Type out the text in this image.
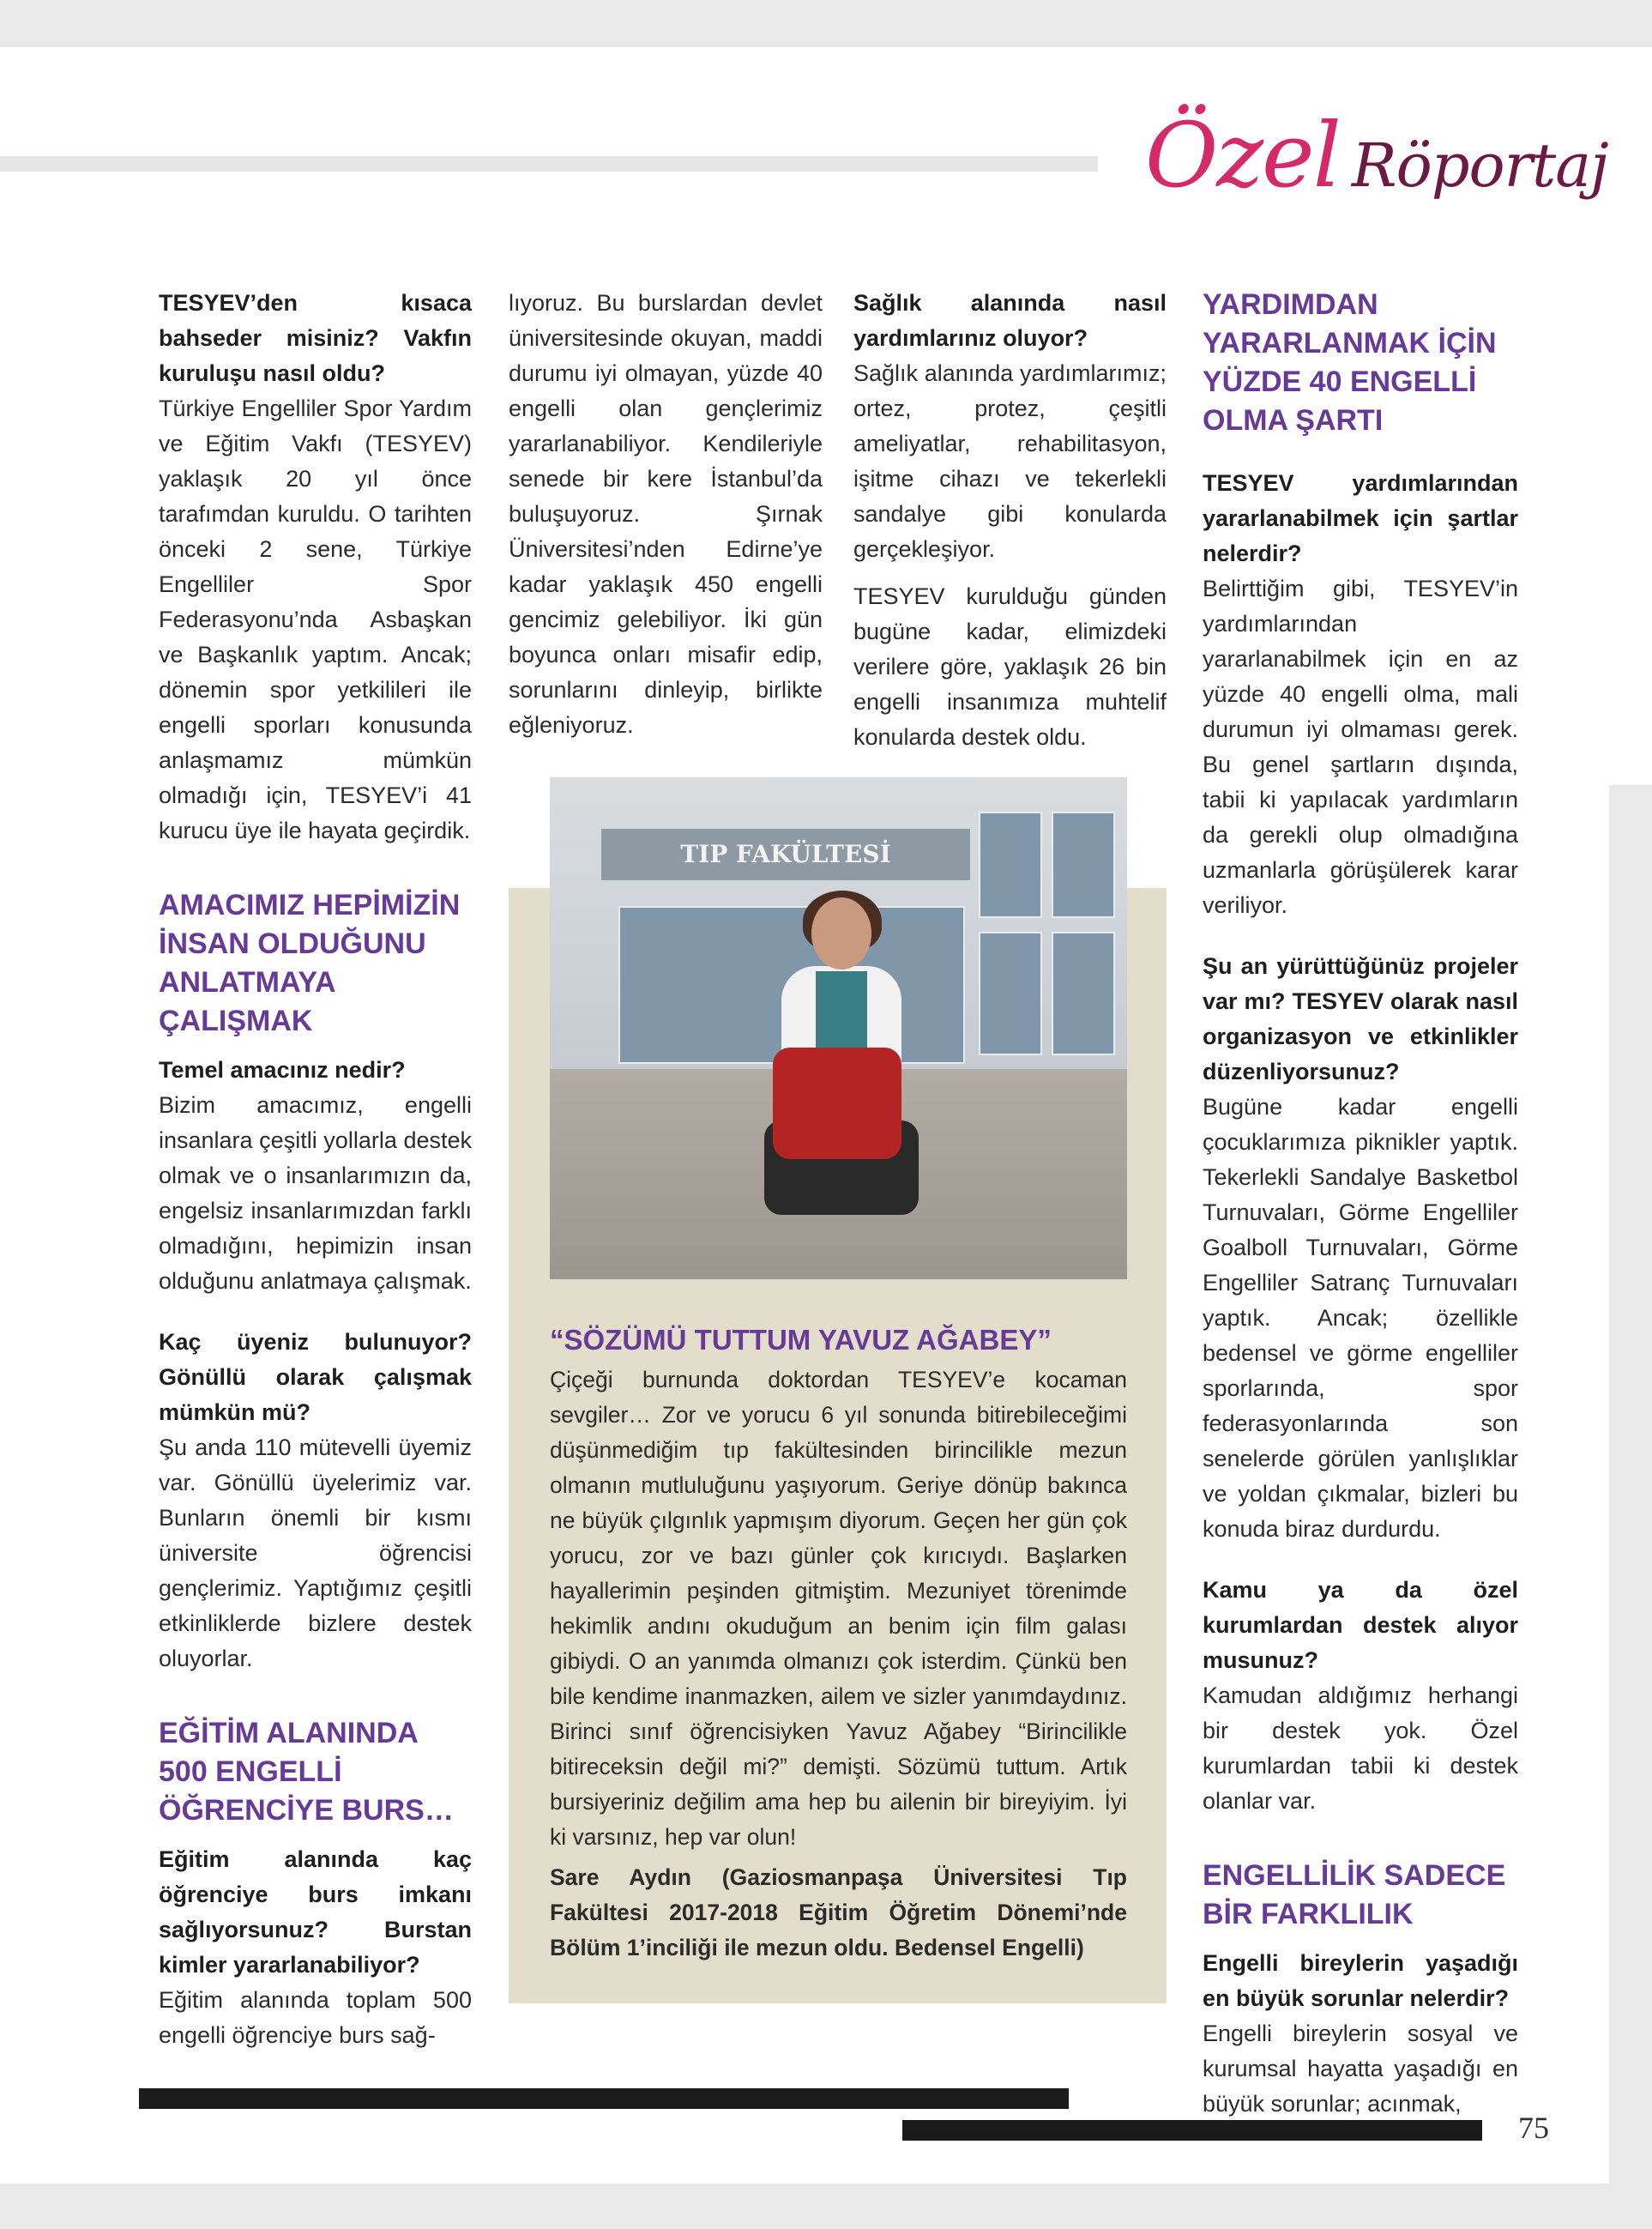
Özel Röportaj

TESYEV’den kısaca bahseder misiniz? Vakfın kuruluşu nasıl oldu?

Türkiye Engelliler Spor Yardım ve Eğitim Vakfı (TESYEV) yaklaşık 20 yıl önce tarafımdan kuruldu. O tarihten önceki 2 sene, Türkiye Engelliler Spor Federasyonu’nda Asbaşkan ve Başkanlık yaptım. Ancak; dönemin spor yetkilileri ile engelli sporları konusunda anlaşmamız mümkün olmadığı için, TESYEV’i 41 kurucu üye ile hayata geçirdik.

AMACIMIZ HEPİMİZİN İNSAN OLDUĞUNU ANLATMAYA ÇALIŞMAK

Temel amacınız nedir?

Bizim amacımız, engelli insanlara çeşitli yollarla destek olmak ve o insanlarımızın da, engelsiz insanlarımızdan farklı olmadığını, hepimizin insan olduğunu anlatmaya çalışmak.

Kaç üyeniz bulunuyor? Gönüllü olarak çalışmak mümkün mü?

Şu anda 110 mütevelli üyemiz var. Gönüllü üyelerimiz var. Bunların önemli bir kısmı üniversite öğrencisi gençlerimiz. Yaptığımız çeşitli etkinliklerde bizlere destek oluyorlar.

EĞİTİM ALANINDA 500 ENGELLİ ÖĞRENCİYE BURS…

Eğitim alanında kaç öğrenciye burs imkanı sağlıyorsunuz? Burstan kimler yararlanabiliyor?

Eğitim alanında toplam 500 engelli öğrenciye burs sağ-

lıyoruz. Bu burslardan devlet üniversitesinde okuyan, maddi durumu iyi olmayan, yüzde 40 engelli olan gençlerimiz yararlanabiliyor. Kendileriyle senede bir kere İstanbul’da buluşuyoruz. Şırnak Üniversitesi’nden Edirne’ye kadar yaklaşık 450 engelli gencimiz gelebiliyor. İki gün boyunca onları misafir edip, sorunlarını dinleyip, birlikte eğleniyoruz.

Sağlık alanında nasıl yardımlarınız oluyor?

Sağlık alanında yardımlarımız; ortez, protez, çeşitli ameliyatlar, rehabilitasyon, işitme cihazı ve tekerlekli sandalye gibi konularda gerçekleşiyor.

TESYEV kurulduğu günden bugüne kadar, elimizdeki verilere göre, yaklaşık 26 bin engelli insanımıza muhtelif konularda destek oldu.

YARDIMDAN YARARLANMAK İÇİN YÜZDE 40 ENGELLİ OLMA ŞARTI

TESYEV yardımlarından yararlanabilmek için şartlar nelerdir?

Belirttiğim gibi, TESYEV’in yardımlarından yararlanabilmek için en az yüzde 40 engelli olma, mali durumun iyi olmaması gerek. Bu genel şartların dışında, tabii ki yapılacak yardımların da gerekli olup olmadığına uzmanlarla görüşülerek karar veriliyor.

Şu an yürüttüğünüz projeler var mı? TESYEV olarak nasıl organizasyon ve etkinlikler düzenliyorsunuz?

Bugüne kadar engelli çocuklarımıza piknikler yaptık. Tekerlekli Sandalye Basketbol Turnuvaları, Görme Engelliler Goalboll Turnuvaları, Görme Engelliler Satranç Turnuvaları yaptık. Ancak; özellikle bedensel ve görme engelliler sporlarında, spor federasyonlarında son senelerde görülen yanlışlıklar ve yoldan çıkmalar, bizleri bu konuda biraz durdurdu.

Kamu ya da özel kurumlardan destek alıyor musunuz?

Kamudan aldığımız herhangi bir destek yok. Özel kurumlardan tabii ki destek olanlar var.

ENGELLİLİK SADECE BİR FARKLILIK

Engelli bireylerin yaşadığı en büyük sorunlar nelerdir?

Engelli bireylerin sosyal ve kurumsal hayatta yaşadığı en büyük sorunlar; acınmak,

TIP FAKÜLTESİ
“SÖZÜMÜ TUTTUM YAVUZ AĞABEY”

Çiçeği burnunda doktordan TESYEV’e kocaman sevgiler… Zor ve yorucu 6 yıl sonunda bitirebileceğimi düşünmediğim tıp fakültesinden birincilikle mezun olmanın mutluluğunu yaşıyorum. Geriye dönüp bakınca ne büyük çılgınlık yapmışım diyorum. Geçen her gün çok yorucu, zor ve bazı günler çok kırıcıydı. Başlarken hayallerimin peşinden gitmiştim. Mezuniyet törenimde hekimlik andını okuduğum an benim için film galası gibiydi. O an yanımda olmanızı çok isterdim. Çünkü ben bile kendime inanmazken, ailem ve sizler yanımdaydınız. Birinci sınıf öğrencisiyken Yavuz Ağabey “Birincilikle bitireceksin değil mi?” demişti. Sözümü tuttum. Artık bursiyeriniz değilim ama hep bu ailenin bir bireyiyim. İyi ki varsınız, hep var olun!

Sare Aydın (Gaziosmanpaşa Üniversitesi Tıp Fakültesi 2017-2018 Eğitim Öğretim Dönemi’nde Bölüm 1’inciliği ile mezun oldu. Bedensel Engelli)

75
